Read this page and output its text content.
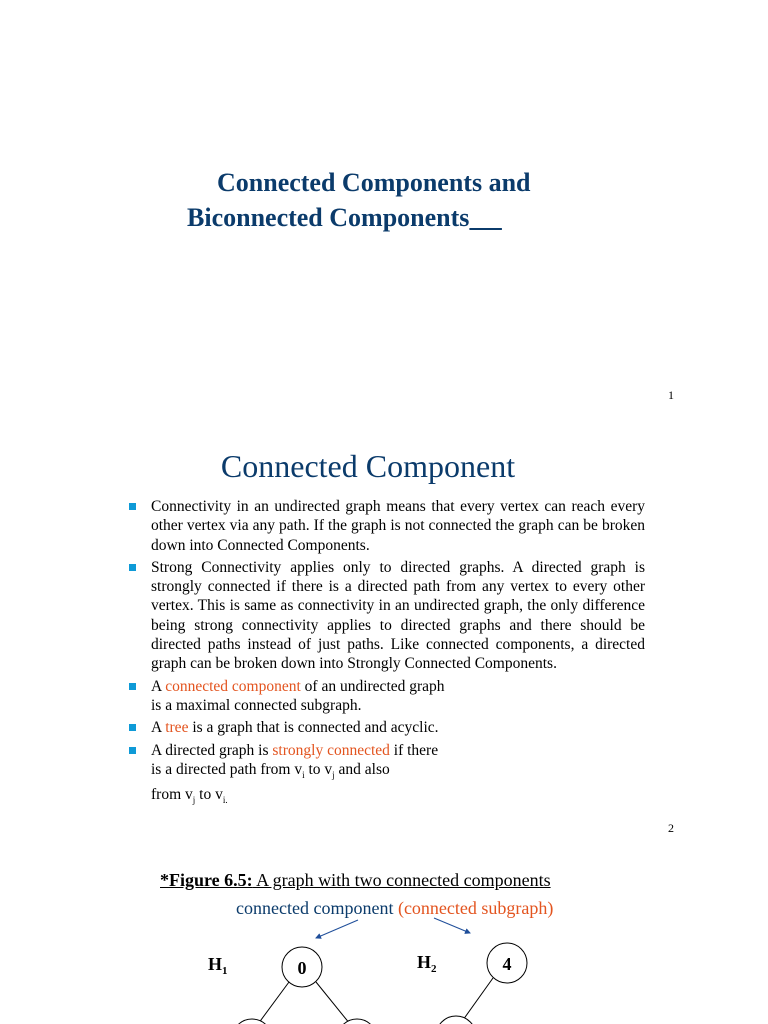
Connected Components and
Biconnected Components
1
Connected Component
Connectivity in an undirected graph means that every vertex can reach every other vertex via any path. If the graph is not connected the graph can be broken down into Connected Components.
Strong Connectivity applies only to directed graphs. A directed graph is strongly connected if there is a directed path from any vertex to every other vertex. This is same as connectivity in an undirected graph, the only difference being strong connectivity applies to directed graphs and there should be directed paths instead of just paths. Like connected components, a directed graph can be broken down into Strongly Connected Components.
A connected component of an undirected graph
is a maximal connected subgraph.
A tree is a graph that is connected and acyclic.
A directed graph is strongly connected if there
is a directed path from $v_i$ to $v_j$ and also
from $v_j$ to $v_{i.}$
2
*Figure 6.5: A graph with two connected components
connected component (connected subgraph)
$H_1$	$H_2$
0	4
